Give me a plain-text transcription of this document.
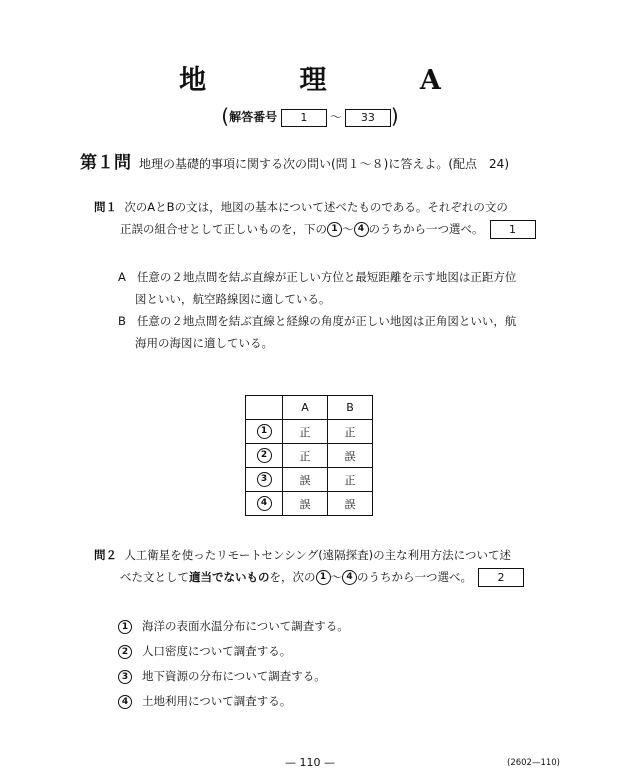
地 理 A
(解答番号 1 ～ 33 )
第１問 地理の基礎的事項に関する次の問い(問１～８)に答えよ。(配点　24)
問１ 次のAとBの文は，地図の基本について述べたものである。それぞれの文の
正誤の組合せとして正しいものを，下の 1 ～ 4 のうちから一つ選べ。 1
A 任意の２地点間を結ぶ直線が正しい方位と最短距離を示す地図は正距方位
図といい，航空路線図に適している。
B 任意の２地点間を結ぶ直線と経線の角度が正しい地図は正角図といい，航
海用の海図に適している。
	A	B
1	正	正
2	正	誤
3	誤	正
4	誤	誤
問２ 人工衛星を使ったリモートセンシング(遠隔探査)の主な利用方法について述
べた文として適当でないものを，次の 1 ～ 4 のうちから一つ選べ。 2
1 海洋の表面水温分布について調査する。
2 人口密度について調査する。
3 地下資源の分布について調査する。
4 土地利用について調査する。
— 110 —	(2602—110)
